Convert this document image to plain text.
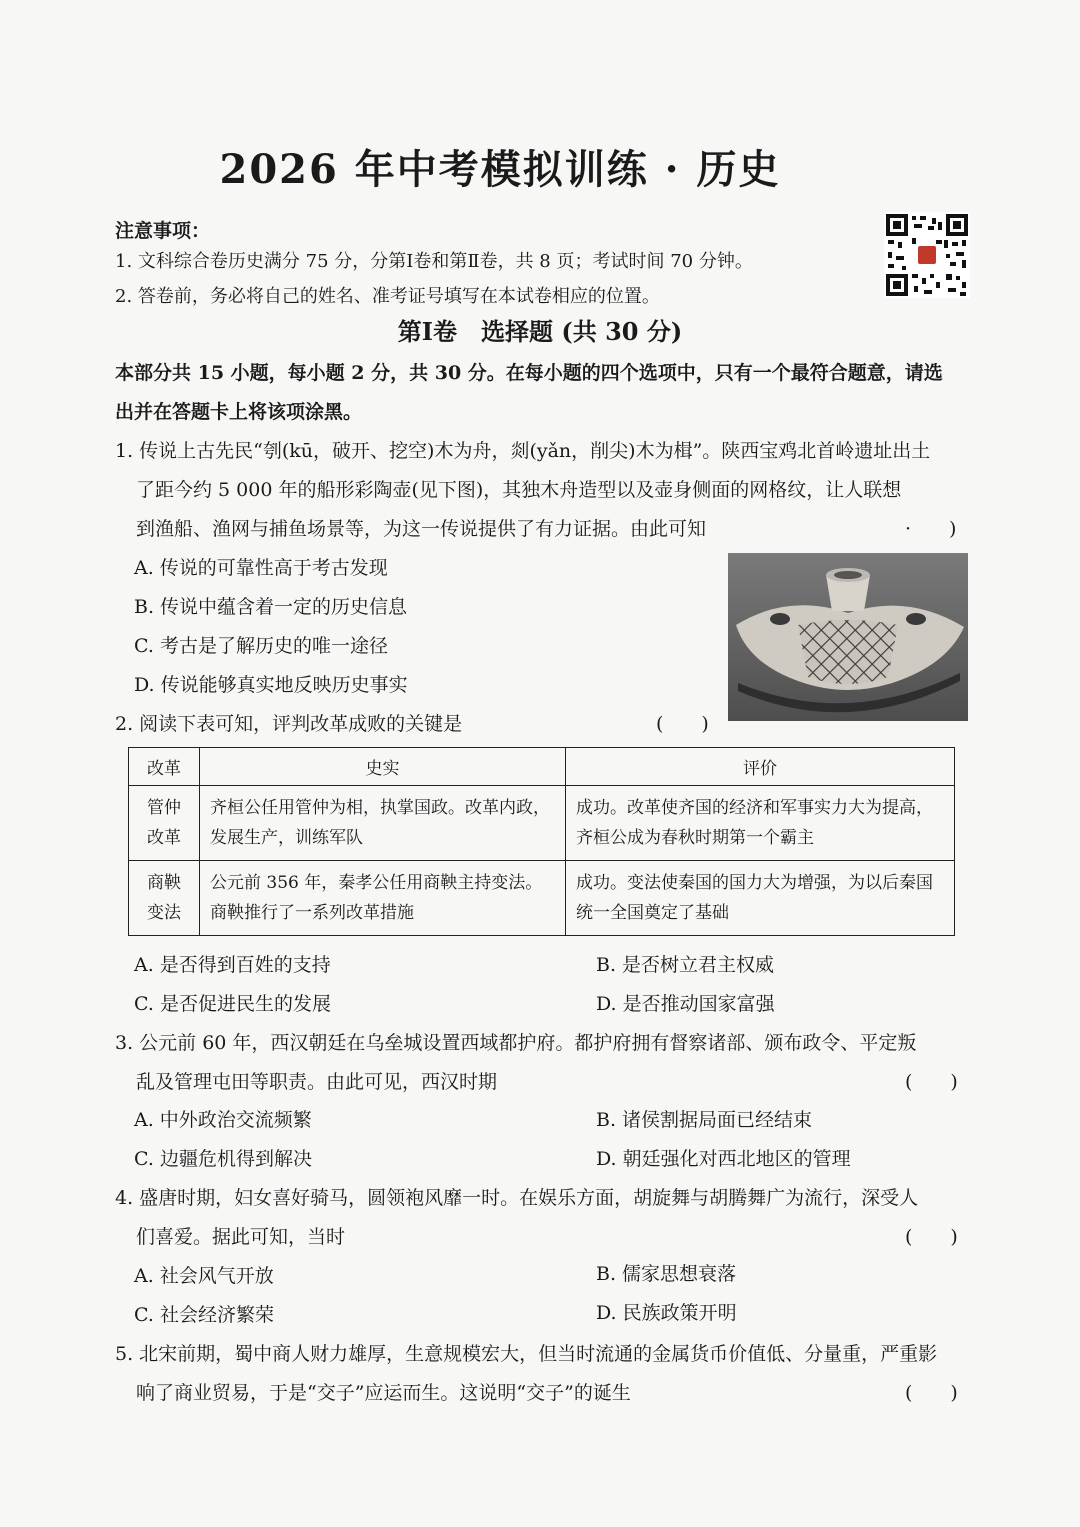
2026 年中考模拟训练 · 历史
注意事项：
1. 文科综合卷历史满分 75 分，分第Ⅰ卷和第Ⅱ卷，共 8 页；考试时间 70 分钟。
2. 答卷前，务必将自己的姓名、准考证号填写在本试卷相应的位置。
第Ⅰ卷　选择题 (共 30 分)
本部分共 15 小题，每小题 2 分，共 30 分。在每小题的四个选项中，只有一个最符合题意，请选
出并在答题卡上将该项涂黑。
1. 传说上古先民“刳(kū，破开、挖空)木为舟，剡(yǎn，削尖)木为楫”。陕西宝鸡北首岭遗址出土
了距今约 5 000 年的船形彩陶壶(见下图)，其独木舟造型以及壶身侧面的网格纹，让人联想
到渔船、渔网与捕鱼场景等，为这一传说提供了有力证据。由此可知	·　　)
A. 传说的可靠性高于考古发现
B. 传说中蕴含着一定的历史信息
C. 考古是了解历史的唯一途径
D. 传说能够真实地反映历史事实
2. 阅读下表可知，评判改革成败的关键是	(　　)
改革	史实	评价
管仲改革	齐桓公任用管仲为相，执掌国政。改革内政，发展生产，训练军队	成功。改革使齐国的经济和军事实力大为提高，齐桓公成为春秋时期第一个霸主
商鞅变法	公元前 356 年，秦孝公任用商鞅主持变法。商鞅推行了一系列改革措施	成功。变法使秦国的国力大为增强，为以后秦国统一全国奠定了基础
A. 是否得到百姓的支持	B. 是否树立君主权威
C. 是否促进民生的发展	D. 是否推动国家富强
3. 公元前 60 年，西汉朝廷在乌垒城设置西域都护府。都护府拥有督察诸部、颁布政令、平定叛
乱及管理屯田等职责。由此可见，西汉时期	(　　)
A. 中外政治交流频繁	B. 诸侯割据局面已经结束
C. 边疆危机得到解决	D. 朝廷强化对西北地区的管理
4. 盛唐时期，妇女喜好骑马，圆领袍风靡一时。在娱乐方面，胡旋舞与胡腾舞广为流行，深受人
们喜爱。据此可知，当时	(　　)
A. 社会风气开放	B. 儒家思想衰落
C. 社会经济繁荣	D. 民族政策开明
5. 北宋前期，蜀中商人财力雄厚，生意规模宏大，但当时流通的金属货币价值低、分量重，严重影
响了商业贸易，于是“交子”应运而生。这说明“交子”的诞生	(　　)
